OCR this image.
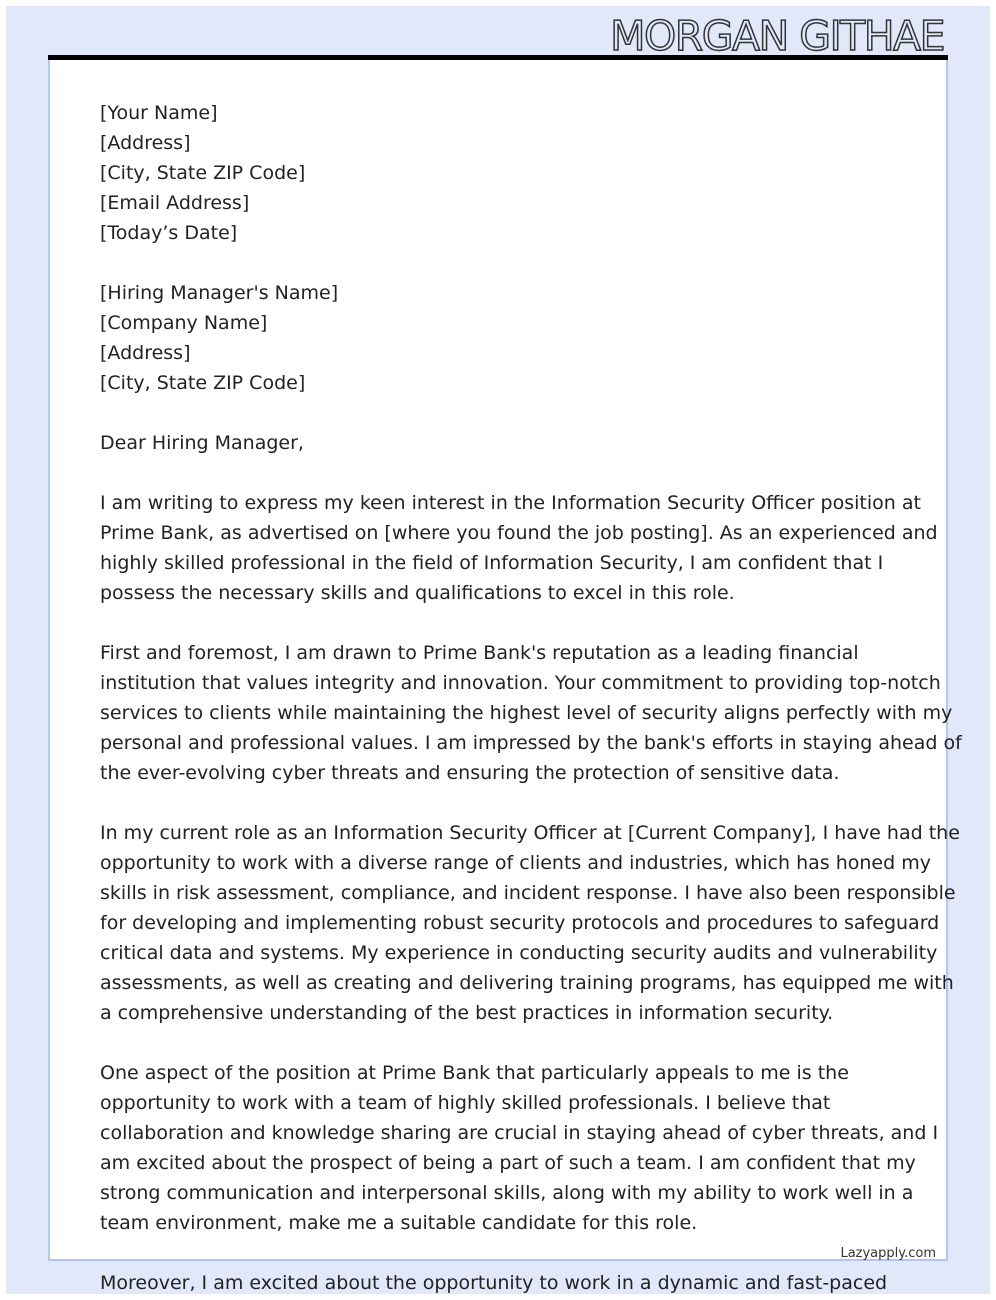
MORGAN GITHAE
[Your Name]
[Address]
[City, State ZIP Code]
[Email Address]
[Today’s Date]
[Hiring Manager's Name]
[Company Name]
[Address]
[City, State ZIP Code]
Dear Hiring Manager,
I am writing to express my keen interest in the Information Security Officer position at
Prime Bank, as advertised on [where you found the job posting]. As an experienced and
highly skilled professional in the field of Information Security, I am confident that I
possess the necessary skills and qualifications to excel in this role.
First and foremost, I am drawn to Prime Bank's reputation as a leading financial
institution that values integrity and innovation. Your commitment to providing top-notch
services to clients while maintaining the highest level of security aligns perfectly with my
personal and professional values. I am impressed by the bank's efforts in staying ahead of
the ever-evolving cyber threats and ensuring the protection of sensitive data.
In my current role as an Information Security Officer at [Current Company], I have had the
opportunity to work with a diverse range of clients and industries, which has honed my
skills in risk assessment, compliance, and incident response. I have also been responsible
for developing and implementing robust security protocols and procedures to safeguard
critical data and systems. My experience in conducting security audits and vulnerability
assessments, as well as creating and delivering training programs, has equipped me with
a comprehensive understanding of the best practices in information security.
One aspect of the position at Prime Bank that particularly appeals to me is the
opportunity to work with a team of highly skilled professionals. I believe that
collaboration and knowledge sharing are crucial in staying ahead of cyber threats, and I
am excited about the prospect of being a part of such a team. I am confident that my
strong communication and interpersonal skills, along with my ability to work well in a
team environment, make me a suitable candidate for this role.
Moreover, I am excited about the opportunity to work in a dynamic and fast-paced
Lazyapply.com
